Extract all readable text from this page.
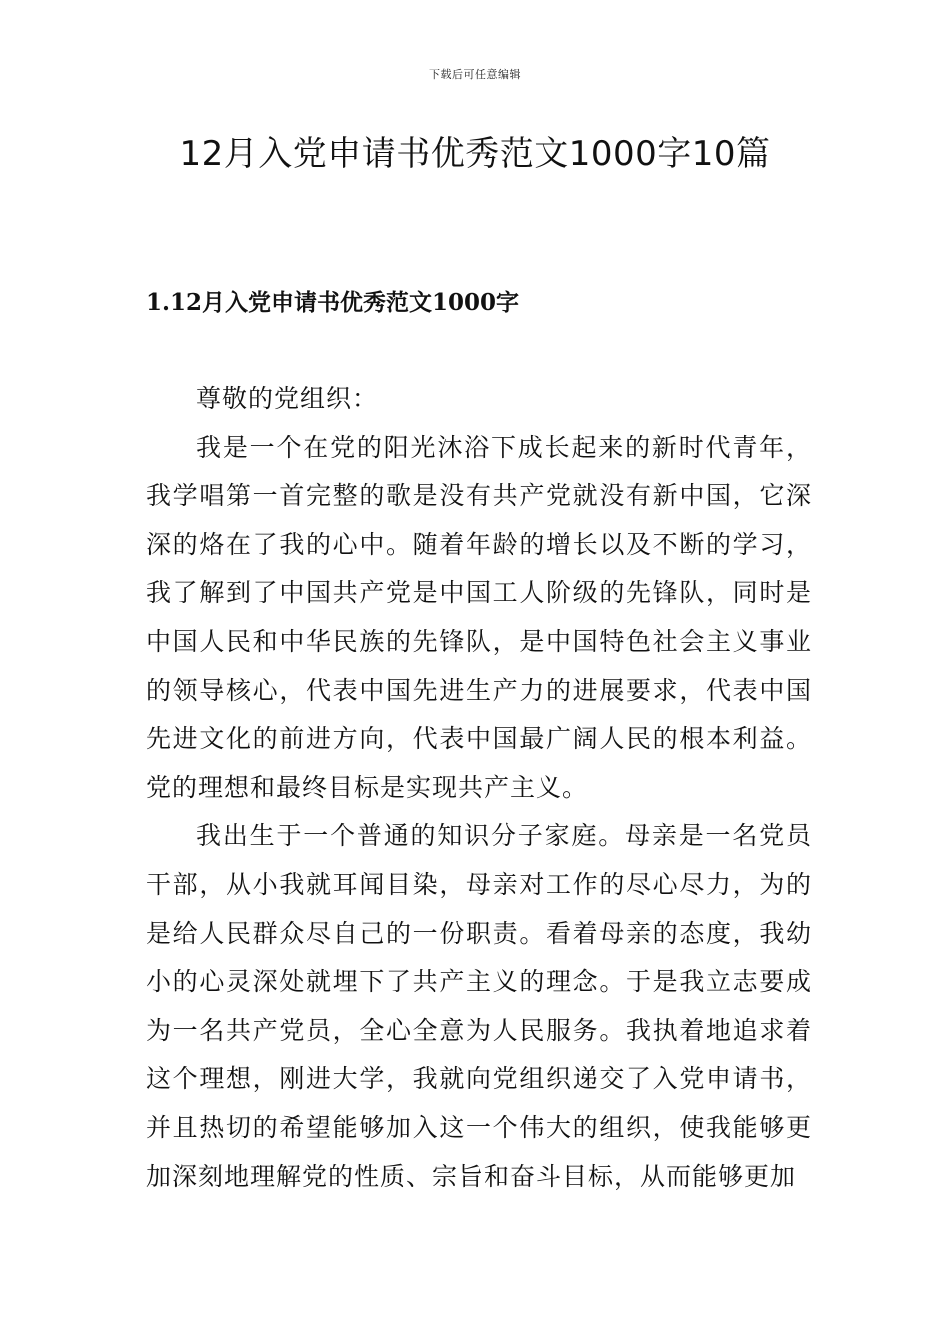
下载后可任意编辑
12月入党申请书优秀范文1000字10篇
1.12月入党申请书优秀范文1000字

尊敬的党组织：

我是一个在党的阳光沐浴下成长起来的新时代青年，我学唱第一首完整的歌是没有共产党就没有新中国，它深深的烙在了我的心中。随着年龄的增长以及不断的学习，我了解到了中国共产党是中国工人阶级的先锋队，同时是中国人民和中华民族的先锋队，是中国特色社会主义事业的领导核心，代表中国先进生产力的进展要求，代表中国先进文化的前进方向，代表中国最广阔人民的根本利益。党的理想和最终目标是实现共产主义。

我出生于一个普通的知识分子家庭。母亲是一名党员干部，从小我就耳闻目染，母亲对工作的尽心尽力，为的是给人民群众尽自己的一份职责。看着母亲的态度，我幼小的心灵深处就埋下了共产主义的理念。于是我立志要成为一名共产党员，全心全意为人民服务。我执着地追求着这个理想，刚进大学，我就向党组织递交了入党申请书，并且热切的希望能够加入这一个伟大的组织，使我能够更加深刻地理解党的性质、宗旨和奋斗目标，从而能够更加
